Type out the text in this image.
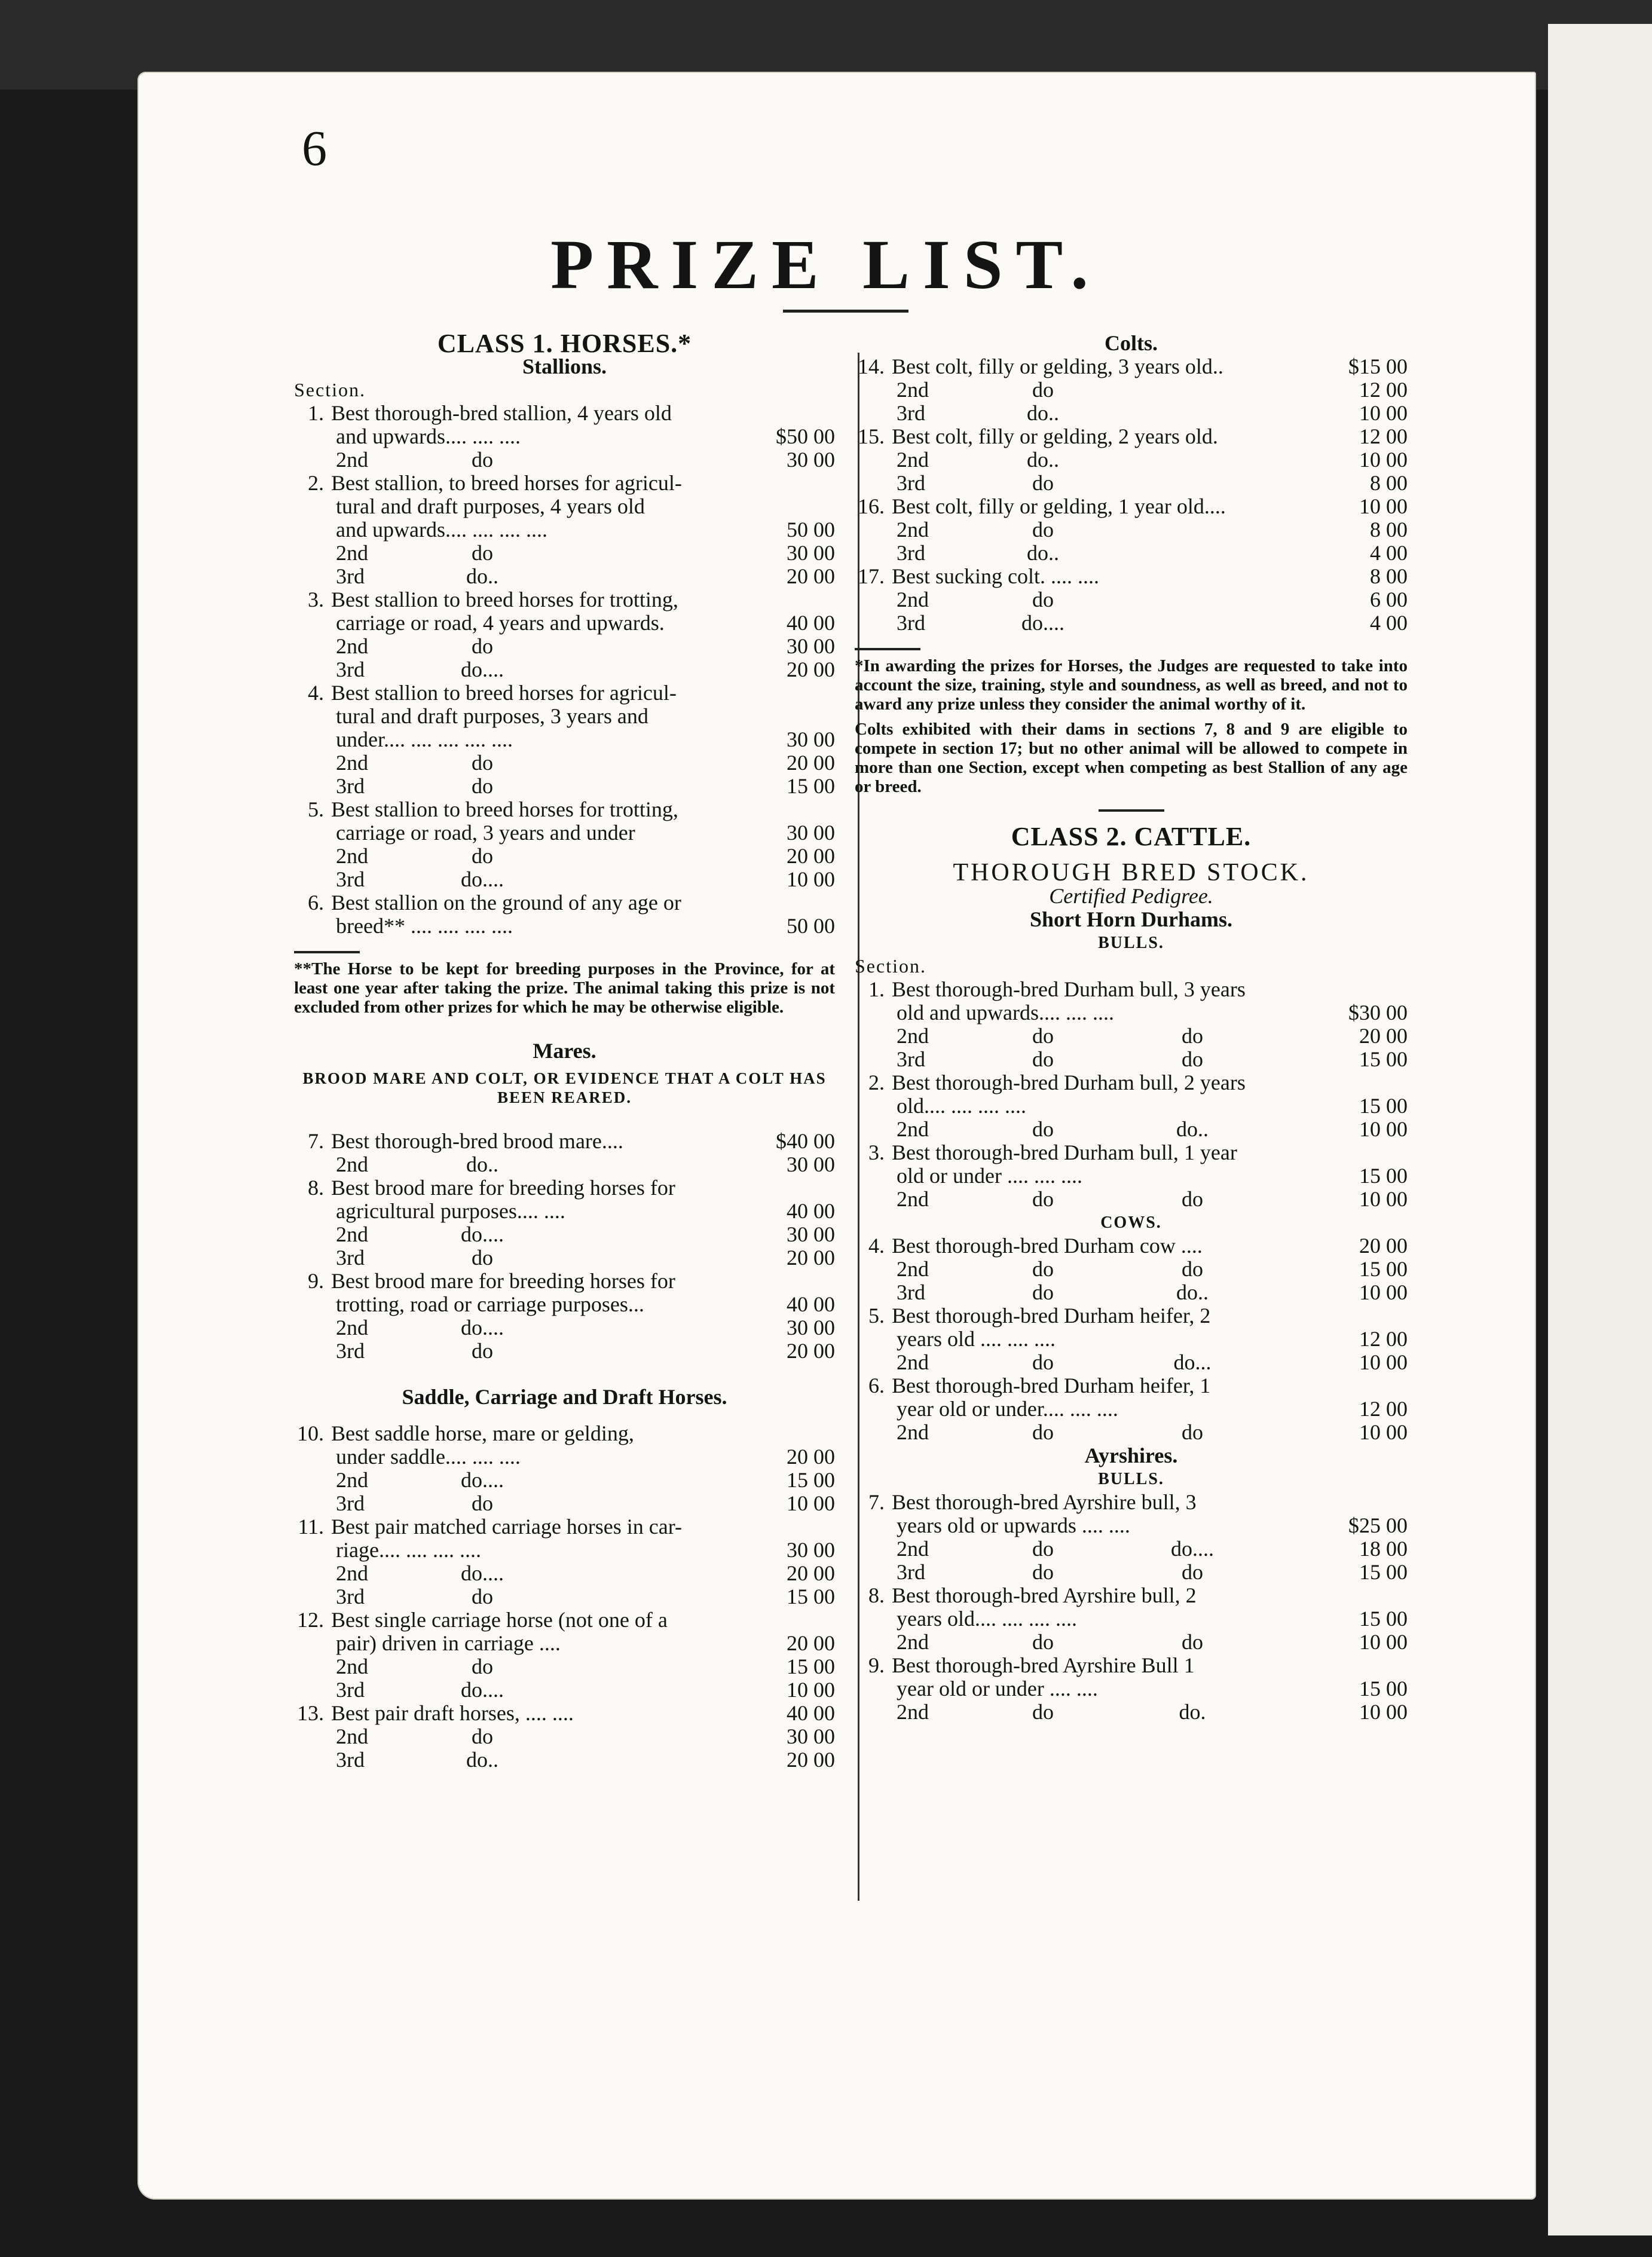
6
PRIZE LIST.
CLASS 1. HORSES.*
Stallions.
Section.
1. Best thorough-bred stallion, 4 years old
and upwards.... .... ....	$50 00
2nd	do	30 00
2. Best stallion, to breed horses for agricul-
tural and draft purposes, 4 years old
and upwards.... .... .... ....	50 00
2nd	do	30 00
3rd	do..	20 00
3. Best stallion to breed horses for trotting,
carriage or road, 4 years and upwards.	40 00
2nd	do	30 00
3rd	do....	20 00
4. Best stallion to breed horses for agricul-
tural and draft purposes, 3 years and
under.... .... .... .... ....	30 00
2nd	do	20 00
3rd	do	15 00
5. Best stallion to breed horses for trotting,
carriage or road, 3 years and under	30 00
2nd	do	20 00
3rd	do....	10 00
6. Best stallion on the ground of any age or
breed** .... .... .... ....	50 00
**The Horse to be kept for breeding purposes in the Province, for at least one year after taking the prize. The animal taking this prize is not excluded from other prizes for which he may be otherwise eligible.
Mares.
BROOD MARE AND COLT, OR EVIDENCE THAT A COLT HAS BEEN REARED.
7. Best thorough-bred brood mare....	$40 00
2nd	do..	30 00
8. Best brood mare for breeding horses for
agricultural purposes.... ....	40 00
2nd	do....	30 00
3rd	do	20 00
9. Best brood mare for breeding horses for
trotting, road or carriage purposes...	40 00
2nd	do....	30 00
3rd	do	20 00
Saddle, Carriage and Draft Horses.
10. Best saddle horse, mare or gelding,
under saddle.... .... ....	20 00
2nd	do....	15 00
3rd	do	10 00
11. Best pair matched carriage horses in car-
riage.... .... .... ....	30 00
2nd	do....	20 00
3rd	do	15 00
12. Best single carriage horse (not one of a
pair) driven in carriage ....	20 00
2nd	do	15 00
3rd	do....	10 00
13. Best pair draft horses, .... ....	40 00
2nd	do	30 00
3rd	do..	20 00
Colts.
14. Best colt, filly or gelding, 3 years old..	$15 00
2nd	do	12 00
3rd	do..	10 00
15. Best colt, filly or gelding, 2 years old.	12 00
2nd	do..	10 00
3rd	do	8 00
16. Best colt, filly or gelding, 1 year old....	10 00
2nd	do	8 00
3rd	do..	4 00
17. Best sucking colt. .... ....	8 00
2nd	do	6 00
3rd	do....	4 00
*In awarding the prizes for Horses, the Judges are requested to take into account the size, training, style and soundness, as well as breed, and not to award any prize unless they consider the animal worthy of it.
Colts exhibited with their dams in sections 7, 8 and 9 are eligible to compete in section 17; but no other animal will be allowed to compete in more than one Section, except when competing as best Stallion of any age or breed.
CLASS 2. CATTLE.
THOROUGH BRED STOCK.
Certified Pedigree.
Short Horn Durhams.
BULLS.
Section.
1. Best thorough-bred Durham bull, 3 years
old and upwards.... .... ....	$30 00
2nd	do	do	20 00
3rd	do	do	15 00
2. Best thorough-bred Durham bull, 2 years
old.... .... .... ....	15 00
2nd	do	do..	10 00
3. Best thorough-bred Durham bull, 1 year
old or under .... .... ....	15 00
2nd	do	do	10 00
COWS.
4. Best thorough-bred Durham cow ....	20 00
2nd	do	do	15 00
3rd	do	do..	10 00
5. Best thorough-bred Durham heifer, 2
years old .... .... ....	12 00
2nd	do	do...	10 00
6. Best thorough-bred Durham heifer, 1
year old or under.... .... ....	12 00
2nd	do	do	10 00
Ayrshires.
BULLS.
7. Best thorough-bred Ayrshire bull, 3
years old or upwards .... ....	$25 00
2nd	do	do....	18 00
3rd	do	do	15 00
8. Best thorough-bred Ayrshire bull, 2
years old.... .... .... ....	15 00
2nd	do	do	10 00
9. Best thorough-bred Ayrshire Bull 1
year old or under .... ....	15 00
2nd	do	do.	10 00
